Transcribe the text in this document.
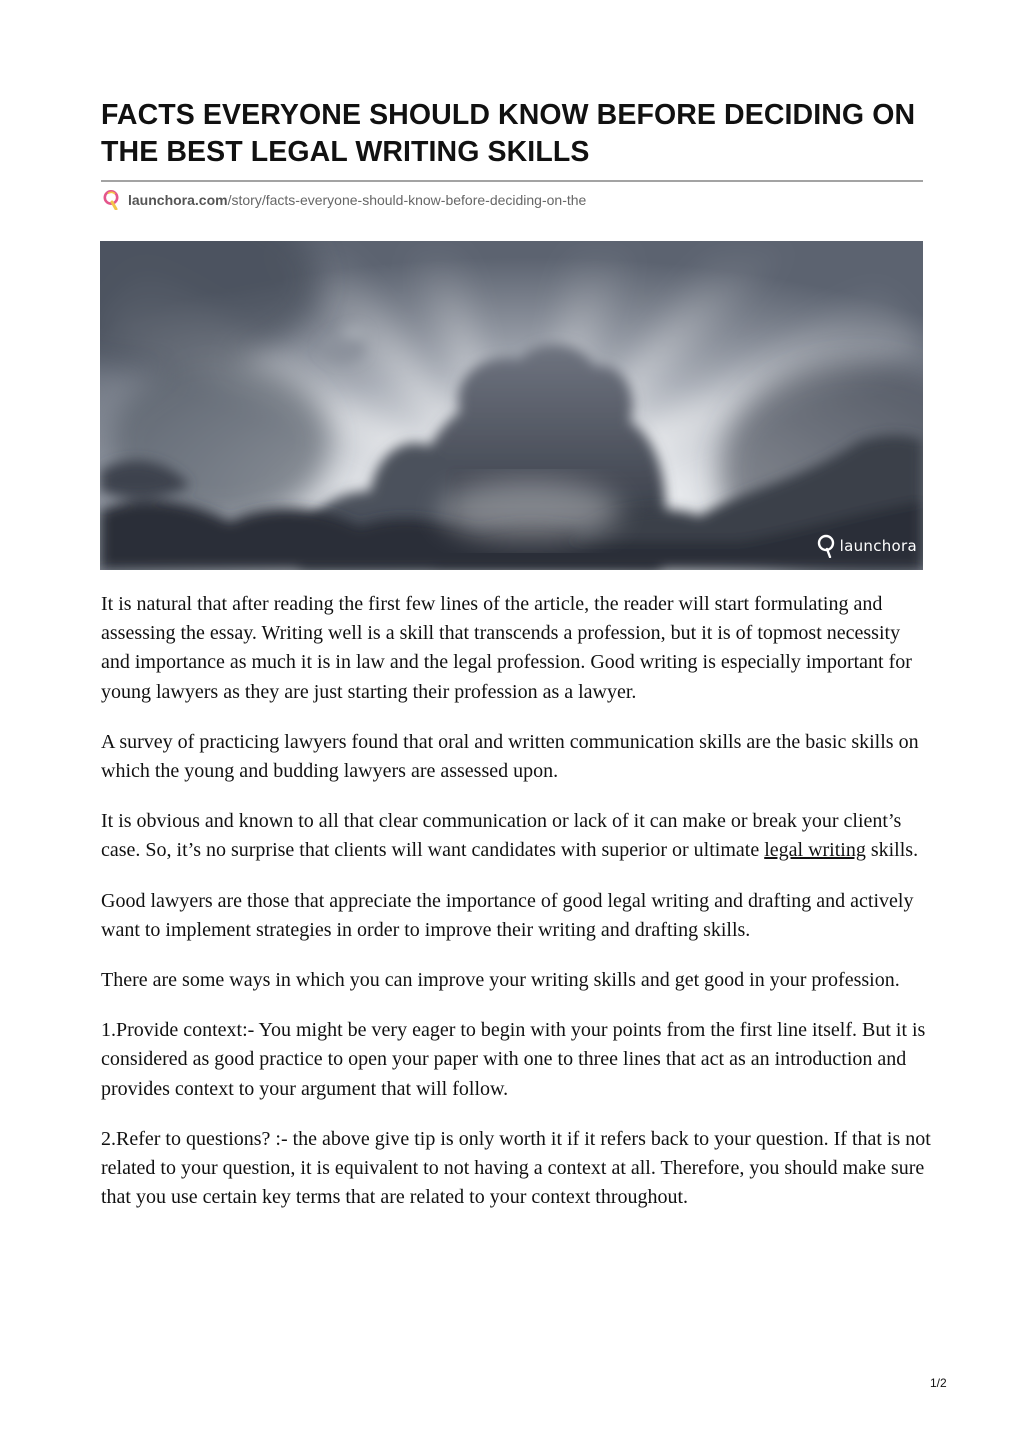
FACTS EVERYONE SHOULD KNOW BEFORE DECIDING ON THE BEST LEGAL WRITING SKILLS
launchora.com/story/facts-everyone-should-know-before-deciding-on-the
launchora

It is natural that after reading the first few lines of the article, the reader will start formulating and assessing the essay. Writing well is a skill that transcends a profession, but it is of topmost necessity and importance as much it is in law and the legal profession. Good writing is especially important for young lawyers as they are just starting their profession as a lawyer.

A survey of practicing lawyers found that oral and written communication skills are the basic skills on which the young and budding lawyers are assessed upon.

It is obvious and known to all that clear communication or lack of it can make or break your client’s case. So, it’s no surprise that clients will want candidates with superior or ultimate legal writing skills.

Good lawyers are those that appreciate the importance of good legal writing and drafting and actively want to implement strategies in order to improve their writing and drafting skills.

There are some ways in which you can improve your writing skills and get good in your profession.

1.Provide context:- You might be very eager to begin with your points from the first line itself. But it is considered as good practice to open your paper with one to three lines that act as an introduction and provides context to your argument that will follow.

2.Refer to questions? :- the above give tip is only worth it if it refers back to your question. If that is not related to your question, it is equivalent to not having a context at all. Therefore, you should make sure that you use certain key terms that are related to your context throughout.

1/2
